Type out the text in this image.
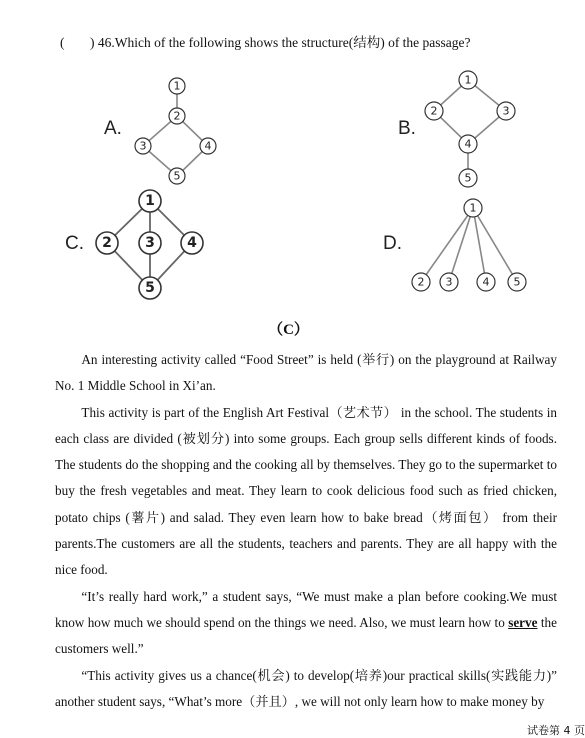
( ) 46.Which of the following shows the structure(结构) of the passage?
A.
1
2
3	4
5
B.
1
2	3
4
5
C.
1
2 3 4
5
D.
1
2 3	4 5
（C）

An interesting activity called “Food Street” is held (举行) on the playground at Railway No. 1 Middle School in Xi’an.

This activity is part of the English Art Festival（艺术节） in the school. The students in each class are divided (被划分) into some groups. Each group sells different kinds of foods. The students do the shopping and the cooking all by themselves. They go to the supermarket to buy the fresh vegetables and meat. They learn to cook delicious food such as fried chicken, potato chips (薯片) and salad. They even learn how to bake bread（烤面包） from their parents.The customers are all the students, teachers and parents. They are all happy with the nice food.

“It’s really hard work,” a student says, “We must make a plan before cooking.We must know how much we should spend on the things we need. Also, we must learn how to serve the customers well.”

“This activity gives us a chance(机会) to develop(培养)our practical skills(实践能力)” another student says, “What’s more（并且）, we will not only learn how to make money by

试卷第 4 页
